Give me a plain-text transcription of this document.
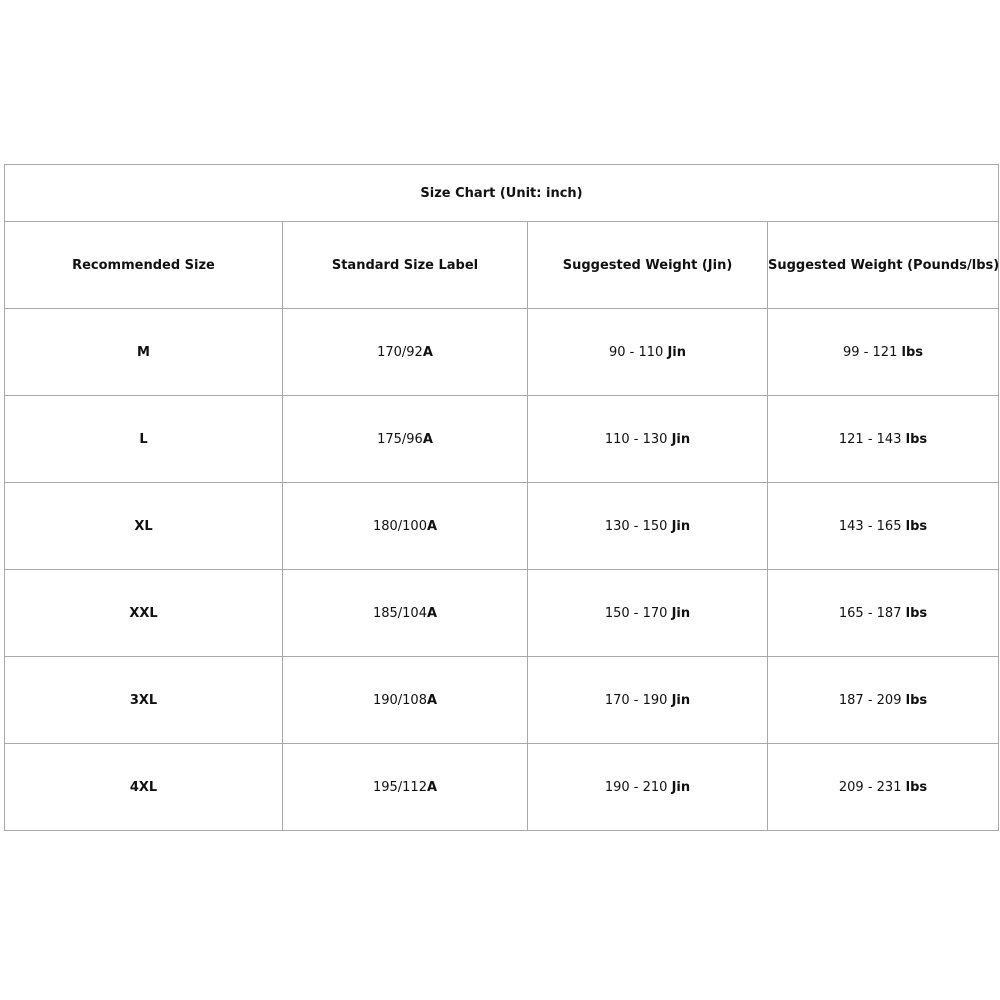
Size Chart (Unit: inch)			
Recommended Size	Standard Size Label	Suggested Weight (Jin)	Suggested Weight (Pounds/lbs)
M	170/92A	90 - 110 Jin	99 - 121 lbs
L	175/96A	110 - 130 Jin	121 - 143 lbs
XL	180/100A	130 - 150 Jin	143 - 165 lbs
XXL	185/104A	150 - 170 Jin	165 - 187 lbs
3XL	190/108A	170 - 190 Jin	187 - 209 lbs
4XL	195/112A	190 - 210 Jin	209 - 231 lbs
